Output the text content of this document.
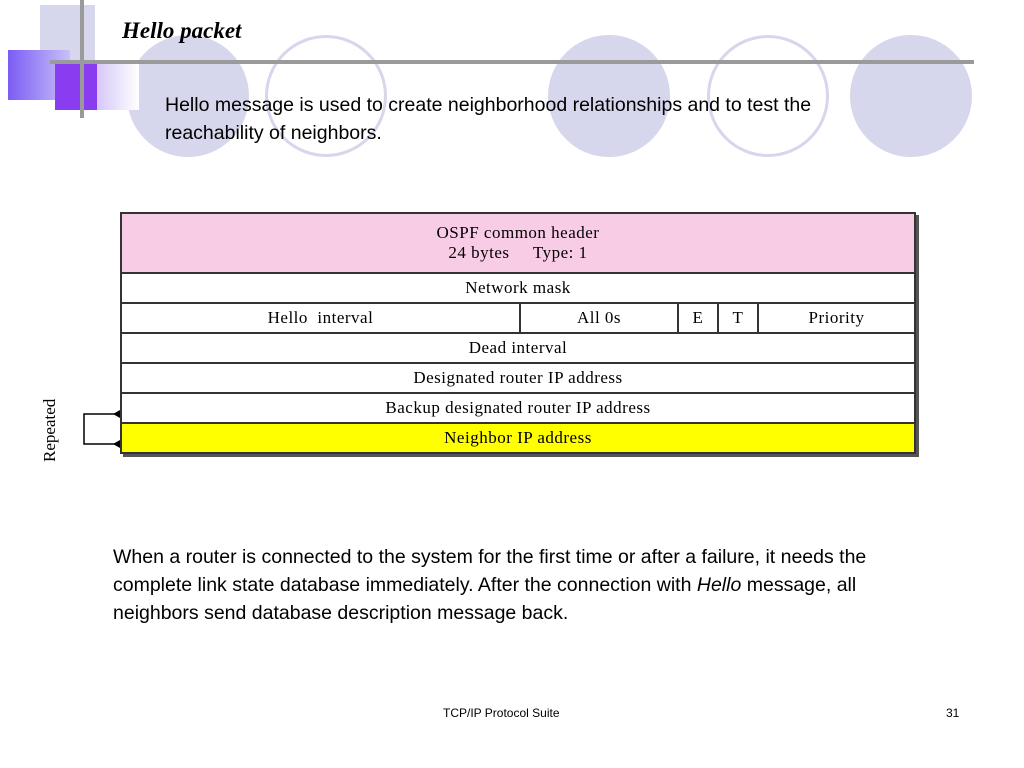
Hello packet
Hello message is used to create neighborhood relationships and to test the reachability of neighbors.
OSPF common header
24 bytes     Type: 1
Network mask
Hello  interval	All 0s	E	T	Priority
Dead interval
Designated router IP address
Backup designated router IP address
Neighbor IP address
Repeated
When a router is connected to the system for the first time or after a failure, it needs the complete link state database immediately. After the connection with Hello message, all neighbors send database description message back.
TCP/IP Protocol Suite	31
